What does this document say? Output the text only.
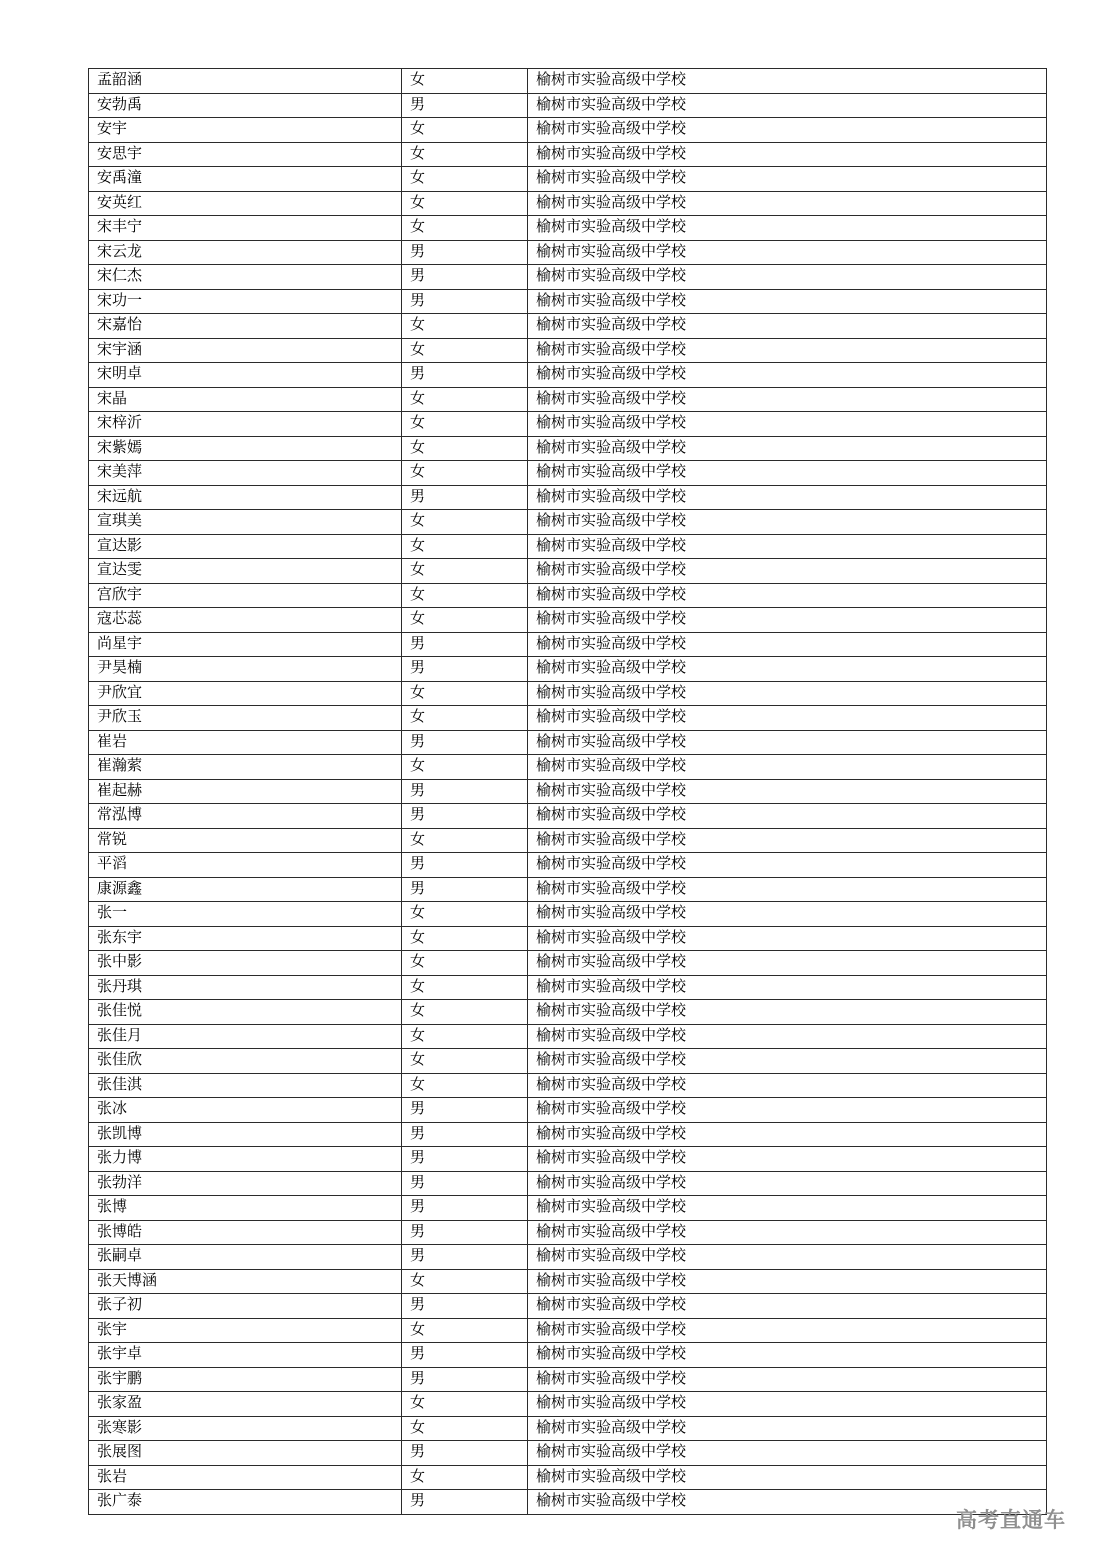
孟韶涵	女	榆树市实验高级中学校
安勃禹	男	榆树市实验高级中学校
安宇	女	榆树市实验高级中学校
安思宇	女	榆树市实验高级中学校
安禹潼	女	榆树市实验高级中学校
安英红	女	榆树市实验高级中学校
宋丰宁	女	榆树市实验高级中学校
宋云龙	男	榆树市实验高级中学校
宋仁杰	男	榆树市实验高级中学校
宋功一	男	榆树市实验高级中学校
宋嘉怡	女	榆树市实验高级中学校
宋宇涵	女	榆树市实验高级中学校
宋明卓	男	榆树市实验高级中学校
宋晶	女	榆树市实验高级中学校
宋梓沂	女	榆树市实验高级中学校
宋紫嫣	女	榆树市实验高级中学校
宋美萍	女	榆树市实验高级中学校
宋远航	男	榆树市实验高级中学校
宣琪美	女	榆树市实验高级中学校
宣达影	女	榆树市实验高级中学校
宣达雯	女	榆树市实验高级中学校
宫欣宇	女	榆树市实验高级中学校
寇芯蕊	女	榆树市实验高级中学校
尚星宇	男	榆树市实验高级中学校
尹昊楠	男	榆树市实验高级中学校
尹欣宜	女	榆树市实验高级中学校
尹欣玉	女	榆树市实验高级中学校
崔岩	男	榆树市实验高级中学校
崔瀚萦	女	榆树市实验高级中学校
崔起赫	男	榆树市实验高级中学校
常泓博	男	榆树市实验高级中学校
常锐	女	榆树市实验高级中学校
平滔	男	榆树市实验高级中学校
康源鑫	男	榆树市实验高级中学校
张一	女	榆树市实验高级中学校
张东宇	女	榆树市实验高级中学校
张中影	女	榆树市实验高级中学校
张丹琪	女	榆树市实验高级中学校
张佳悦	女	榆树市实验高级中学校
张佳月	女	榆树市实验高级中学校
张佳欣	女	榆树市实验高级中学校
张佳淇	女	榆树市实验高级中学校
张冰	男	榆树市实验高级中学校
张凯博	男	榆树市实验高级中学校
张力博	男	榆树市实验高级中学校
张勃洋	男	榆树市实验高级中学校
张博	男	榆树市实验高级中学校
张博皓	男	榆树市实验高级中学校
张嗣卓	男	榆树市实验高级中学校
张天博涵	女	榆树市实验高级中学校
张子初	男	榆树市实验高级中学校
张宇	女	榆树市实验高级中学校
张宇卓	男	榆树市实验高级中学校
张宇鹏	男	榆树市实验高级中学校
张家盈	女	榆树市实验高级中学校
张寒影	女	榆树市实验高级中学校
张展图	男	榆树市实验高级中学校
张岩	女	榆树市实验高级中学校
张广泰	男	榆树市实验高级中学校
高考直通车
